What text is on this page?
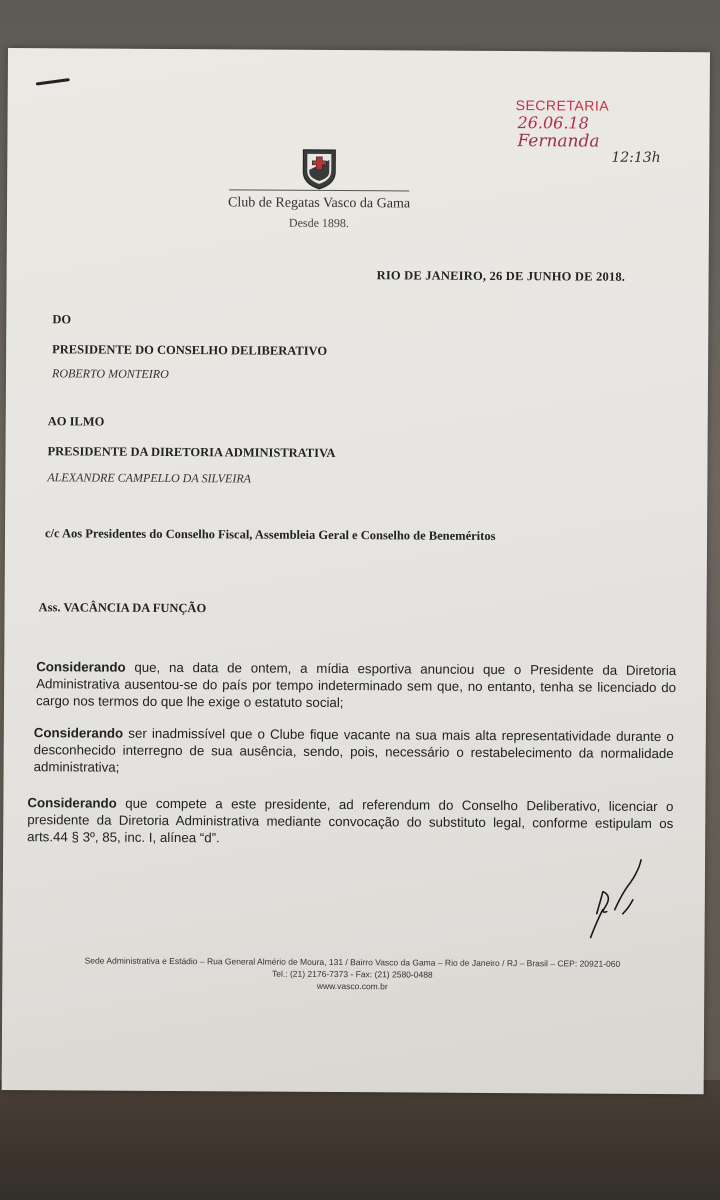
SECRETARIA
26.06.18
Fernanda
12:13h
Club de Regatas Vasco da Gama
Desde 1898.
RIO DE JANEIRO, 26 DE JUNHO DE 2018.
DO
PRESIDENTE DO CONSELHO DELIBERATIVO
ROBERTO MONTEIRO
AO ILMO
PRESIDENTE DA DIRETORIA ADMINISTRATIVA
ALEXANDRE CAMPELLO DA SILVEIRA
c/c Aos Presidentes do Conselho Fiscal, Assembleia Geral e Conselho de Beneméritos
Ass. VACÂNCIA DA FUNÇÃO
Considerando que, na data de ontem, a mídia esportiva anunciou que o Presidente da Diretoria Administrativa ausentou-se do país por tempo indeterminado sem que, no entanto, tenha se licenciado do cargo nos termos do que lhe exige o estatuto social;
Considerando ser inadmissível que o Clube fique vacante na sua mais alta representatividade durante o desconhecido interregno de sua ausência, sendo, pois, necessário o restabelecimento da normalidade administrativa;
Considerando que compete a este presidente, ad referendum do Conselho Deliberativo, licenciar o presidente da Diretoria Administrativa mediante convocação do substituto legal, conforme estipulam os arts.44 § 3º, 85, inc. I, alínea “d”.
Sede Administrativa e Estádio – Rua General Almério de Moura, 131 / Bairro Vasco da Gama – Rio de Janeiro / RJ – Brasil – CEP: 20921-060
Tel.: (21) 2176-7373 - Fax: (21) 2580-0488
www.vasco.com.br
